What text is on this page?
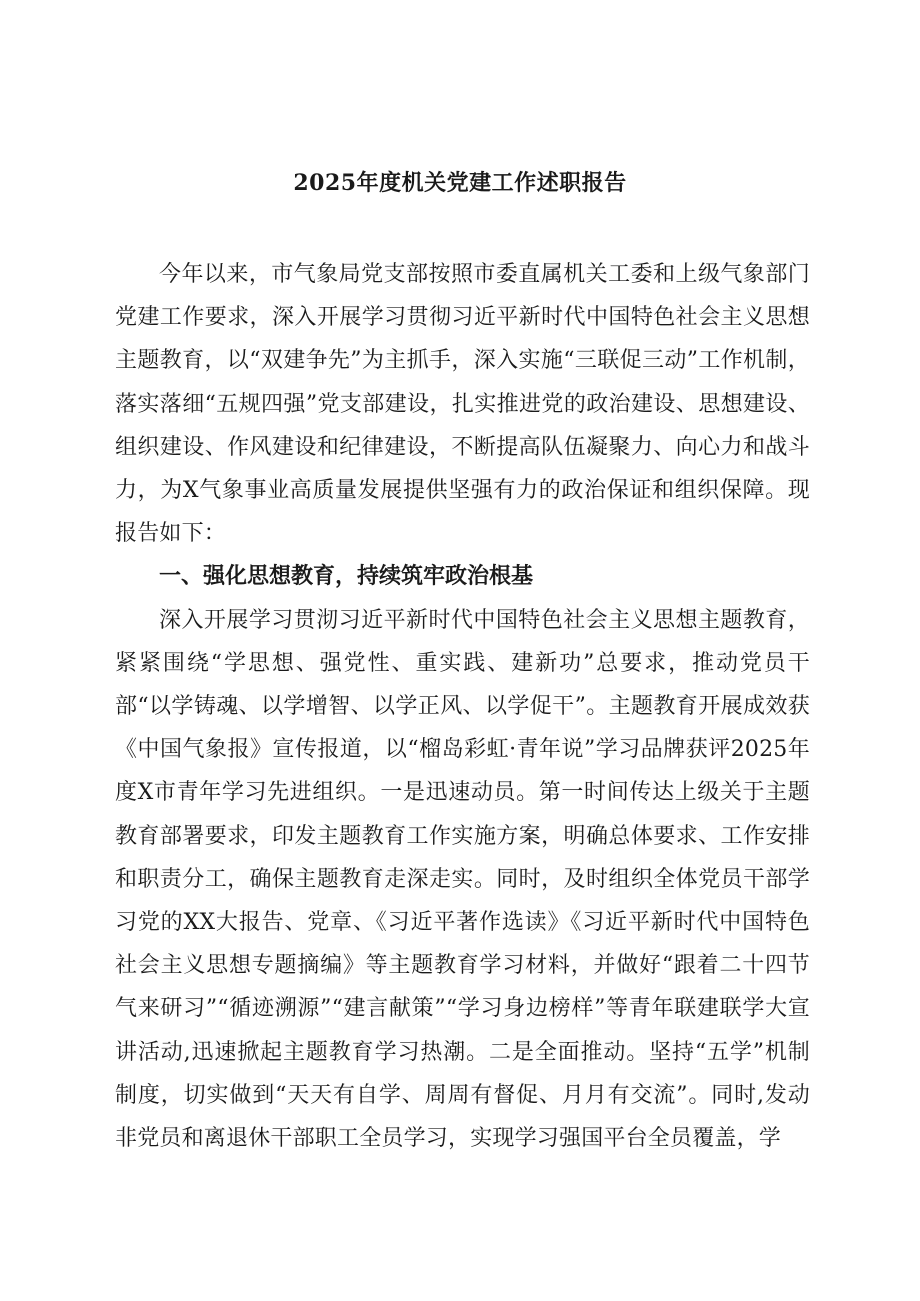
2025年度机关党建工作述职报告

今年以来，市气象局党支部按照市委直属机关工委和上级气象部门党建工作要求，深入开展学习贯彻习近平新时代中国特色社会主义思想主题教育，以“双建争先”为主抓手，深入实施“三联促三动”工作机制，落实落细“五规四强”党支部建设，扎实推进党的政治建设、思想建设、组织建设、作风建设和纪律建设，不断提高队伍凝聚力、向心力和战斗力，为X气象事业高质量发展提供坚强有力的政治保证和组织保障。现报告如下：

一、强化思想教育，持续筑牢政治根基

深入开展学习贯沏习近平新时代中国特色社会主义思想主题教育，紧紧围绕“学思想、强党性、重实践、建新功”总要求，推动党员干部“以学铸魂、以学增智、以学正风、以学促干”。主题教育开展成效获《中国气象报》宣传报道，以“榴岛彩虹·青年说”学习品牌获评2025年度X市青年学习先进组织。一是迅速动员。第一时间传达上级关于主题教育部署要求，印发主题教育工作实施方案，明确总体要求、工作安排和职责分工，确保主题教育走深走实。同时，及时组织全体党员干部学习党的XX大报告、党章、《习近平著作选读》《习近平新时代中国特色社会主义思想专题摘编》等主题教育学习材料，并做好“跟着二十四节气来研习”“循迹溯源”“建言献策”“学习身边榜样”等青年联建联学大宣讲活动,迅速掀起主题教育学习热潮。二是全面推动。坚持“五学”机制制度，切实做到“天天有自学、周周有督促、月月有交流”。同时,发动非党员和离退休干部职工全员学习，实现学习强国平台全员覆盖，学
